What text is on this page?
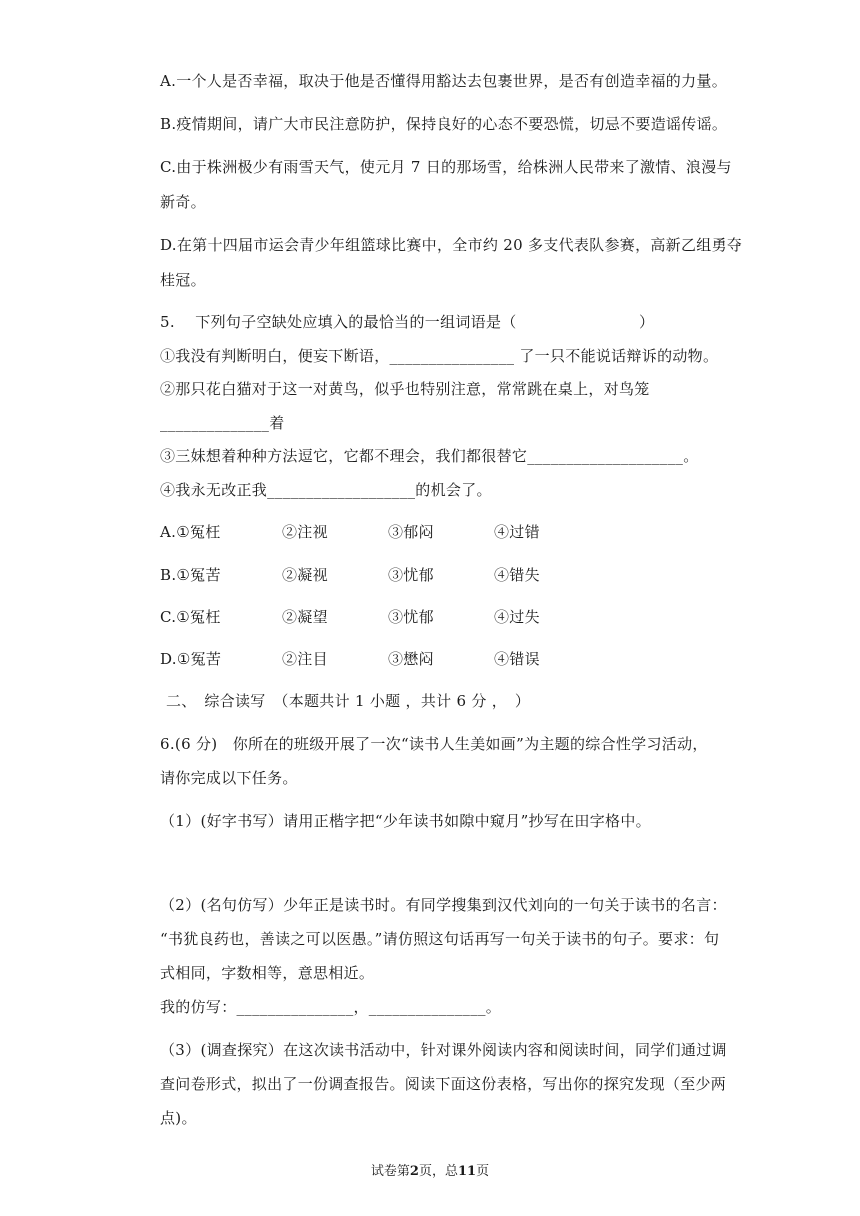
A.一个人是否幸福，取决于他是否懂得用豁达去包裹世界，是否有创造幸福的力量。
B.疫情期间，请广大市民注意防护，保持良好的心态不要恐慌，切忌不要造谣传谣。
C.由于株洲极少有雨雪天气，使元月 7 日的那场雪，给株洲人民带来了激情、浪漫与
新奇。
D.在第十四届市运会青少年组篮球比赛中，全市约 20 多支代表队参赛，高新乙组勇夺
桂冠。
5.　 下列句子空缺处应填入的最恰当的一组词语是（　　　　　　　　）
①我没有判断明白，便妄下断语，________________ 了一只不能说话辩诉的动物。
②那只花白猫对于这一对黄鸟，似乎也特别注意，常常跳在桌上，对鸟笼
______________着
③三妹想着种种方法逗它，它都不理会，我们都很替它____________________。
④我永无改正我___________________的机会了。
A.①冤枉	②注视	③郁闷	④过错
B.①冤苦	②凝视	③忧郁	④错失
C.①冤枉	②凝望	③忧郁	④过失
D.①冤苦	②注目	③懋闷	④错误
二、　综合读写　（本题共计 1 小题 ，共计 6 分 ，　）
6.(6 分)　你所在的班级开展了一次“读书人生美如画”为主题的综合性学习活动，
请你完成以下任务。
（1）(好字书写）请用正楷字把“少年读书如隙中窥月”抄写在田字格中。
（2）(名句仿写）少年正是读书时。有同学搜集到汉代刘向的一句关于读书的名言：
“书犹良药也，善读之可以医愚。”请仿照这句话再写一句关于读书的句子。要求：句
式相同，字数相等，意思相近。
我的仿写：_______________，_______________。
（3）(调查探究）在这次读书活动中，针对课外阅读内容和阅读时间，同学们通过调
查问卷形式，拟出了一份调查报告。阅读下面这份表格，写出你的探究发现（至少两
点)。
试卷第2页，总11页
